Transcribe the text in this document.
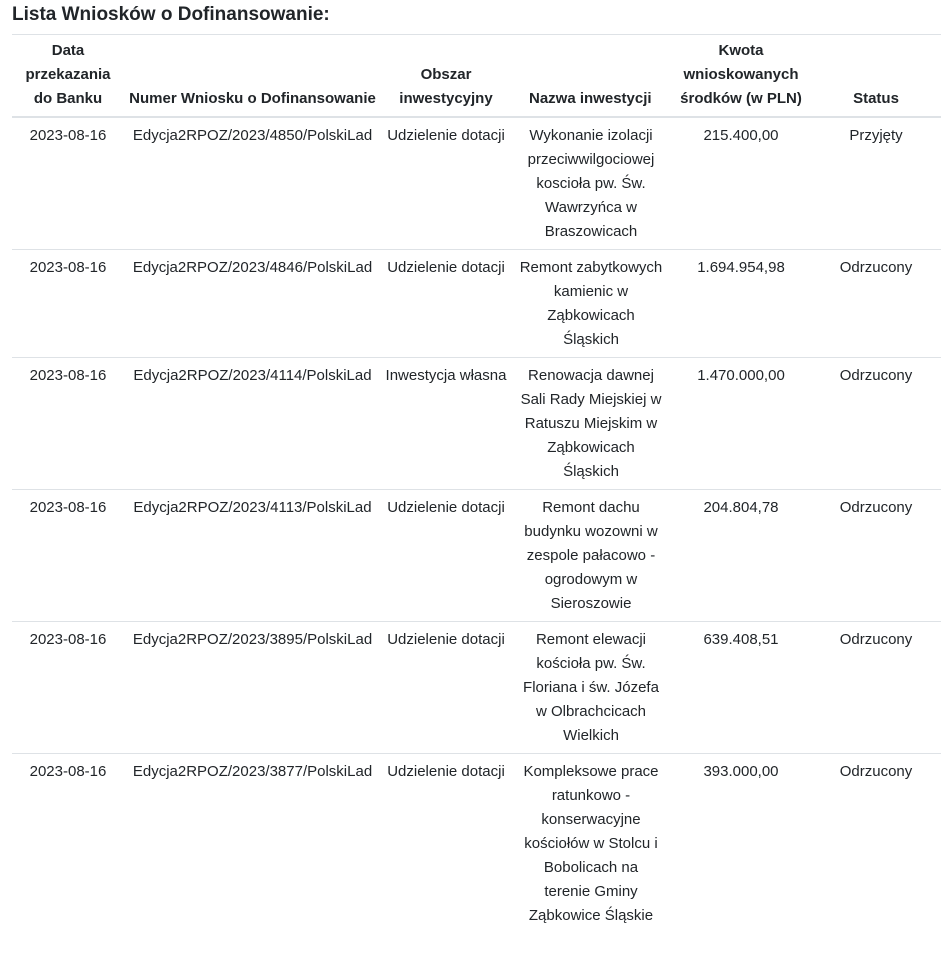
Lista Wniosków o Dofinansowanie:
Data przekazania do Banku	Numer Wniosku o Dofinansowanie	Obszar inwestycyjny	Nazwa inwestycji	Kwota wnioskowanych środków (w PLN)	Status
2023-08-16	Edycja2RPOZ/2023/4850/PolskiLad	Udzielenie dotacji	Wykonanie izolacji przeciwwilgociowej koscioła pw. Św. Wawrzyńca w Braszowicach	215.400,00	Przyjęty
2023-08-16	Edycja2RPOZ/2023/4846/PolskiLad	Udzielenie dotacji	Remont zabytkowych kamienic w Ząbkowicach Śląskich	1.694.954,98	Odrzucony
2023-08-16	Edycja2RPOZ/2023/4114/PolskiLad	Inwestycja własna	Renowacja dawnej Sali Rady Miejskiej w Ratuszu Miejskim w Ząbkowicach Śląskich	1.470.000,00	Odrzucony
2023-08-16	Edycja2RPOZ/2023/4113/PolskiLad	Udzielenie dotacji	Remont dachu budynku wozowni w zespole pałacowo - ogrodowym w Sieroszowie	204.804,78	Odrzucony
2023-08-16	Edycja2RPOZ/2023/3895/PolskiLad	Udzielenie dotacji	Remont elewacji kościoła pw. Św. Floriana i św. Józefa w Olbrachcicach Wielkich	639.408,51	Odrzucony
2023-08-16	Edycja2RPOZ/2023/3877/PolskiLad	Udzielenie dotacji	Kompleksowe prace ratunkowo - konserwacyjne kościołów w Stolcu i Bobolicach na terenie Gminy Ząbkowice Śląskie	393.000,00	Odrzucony
